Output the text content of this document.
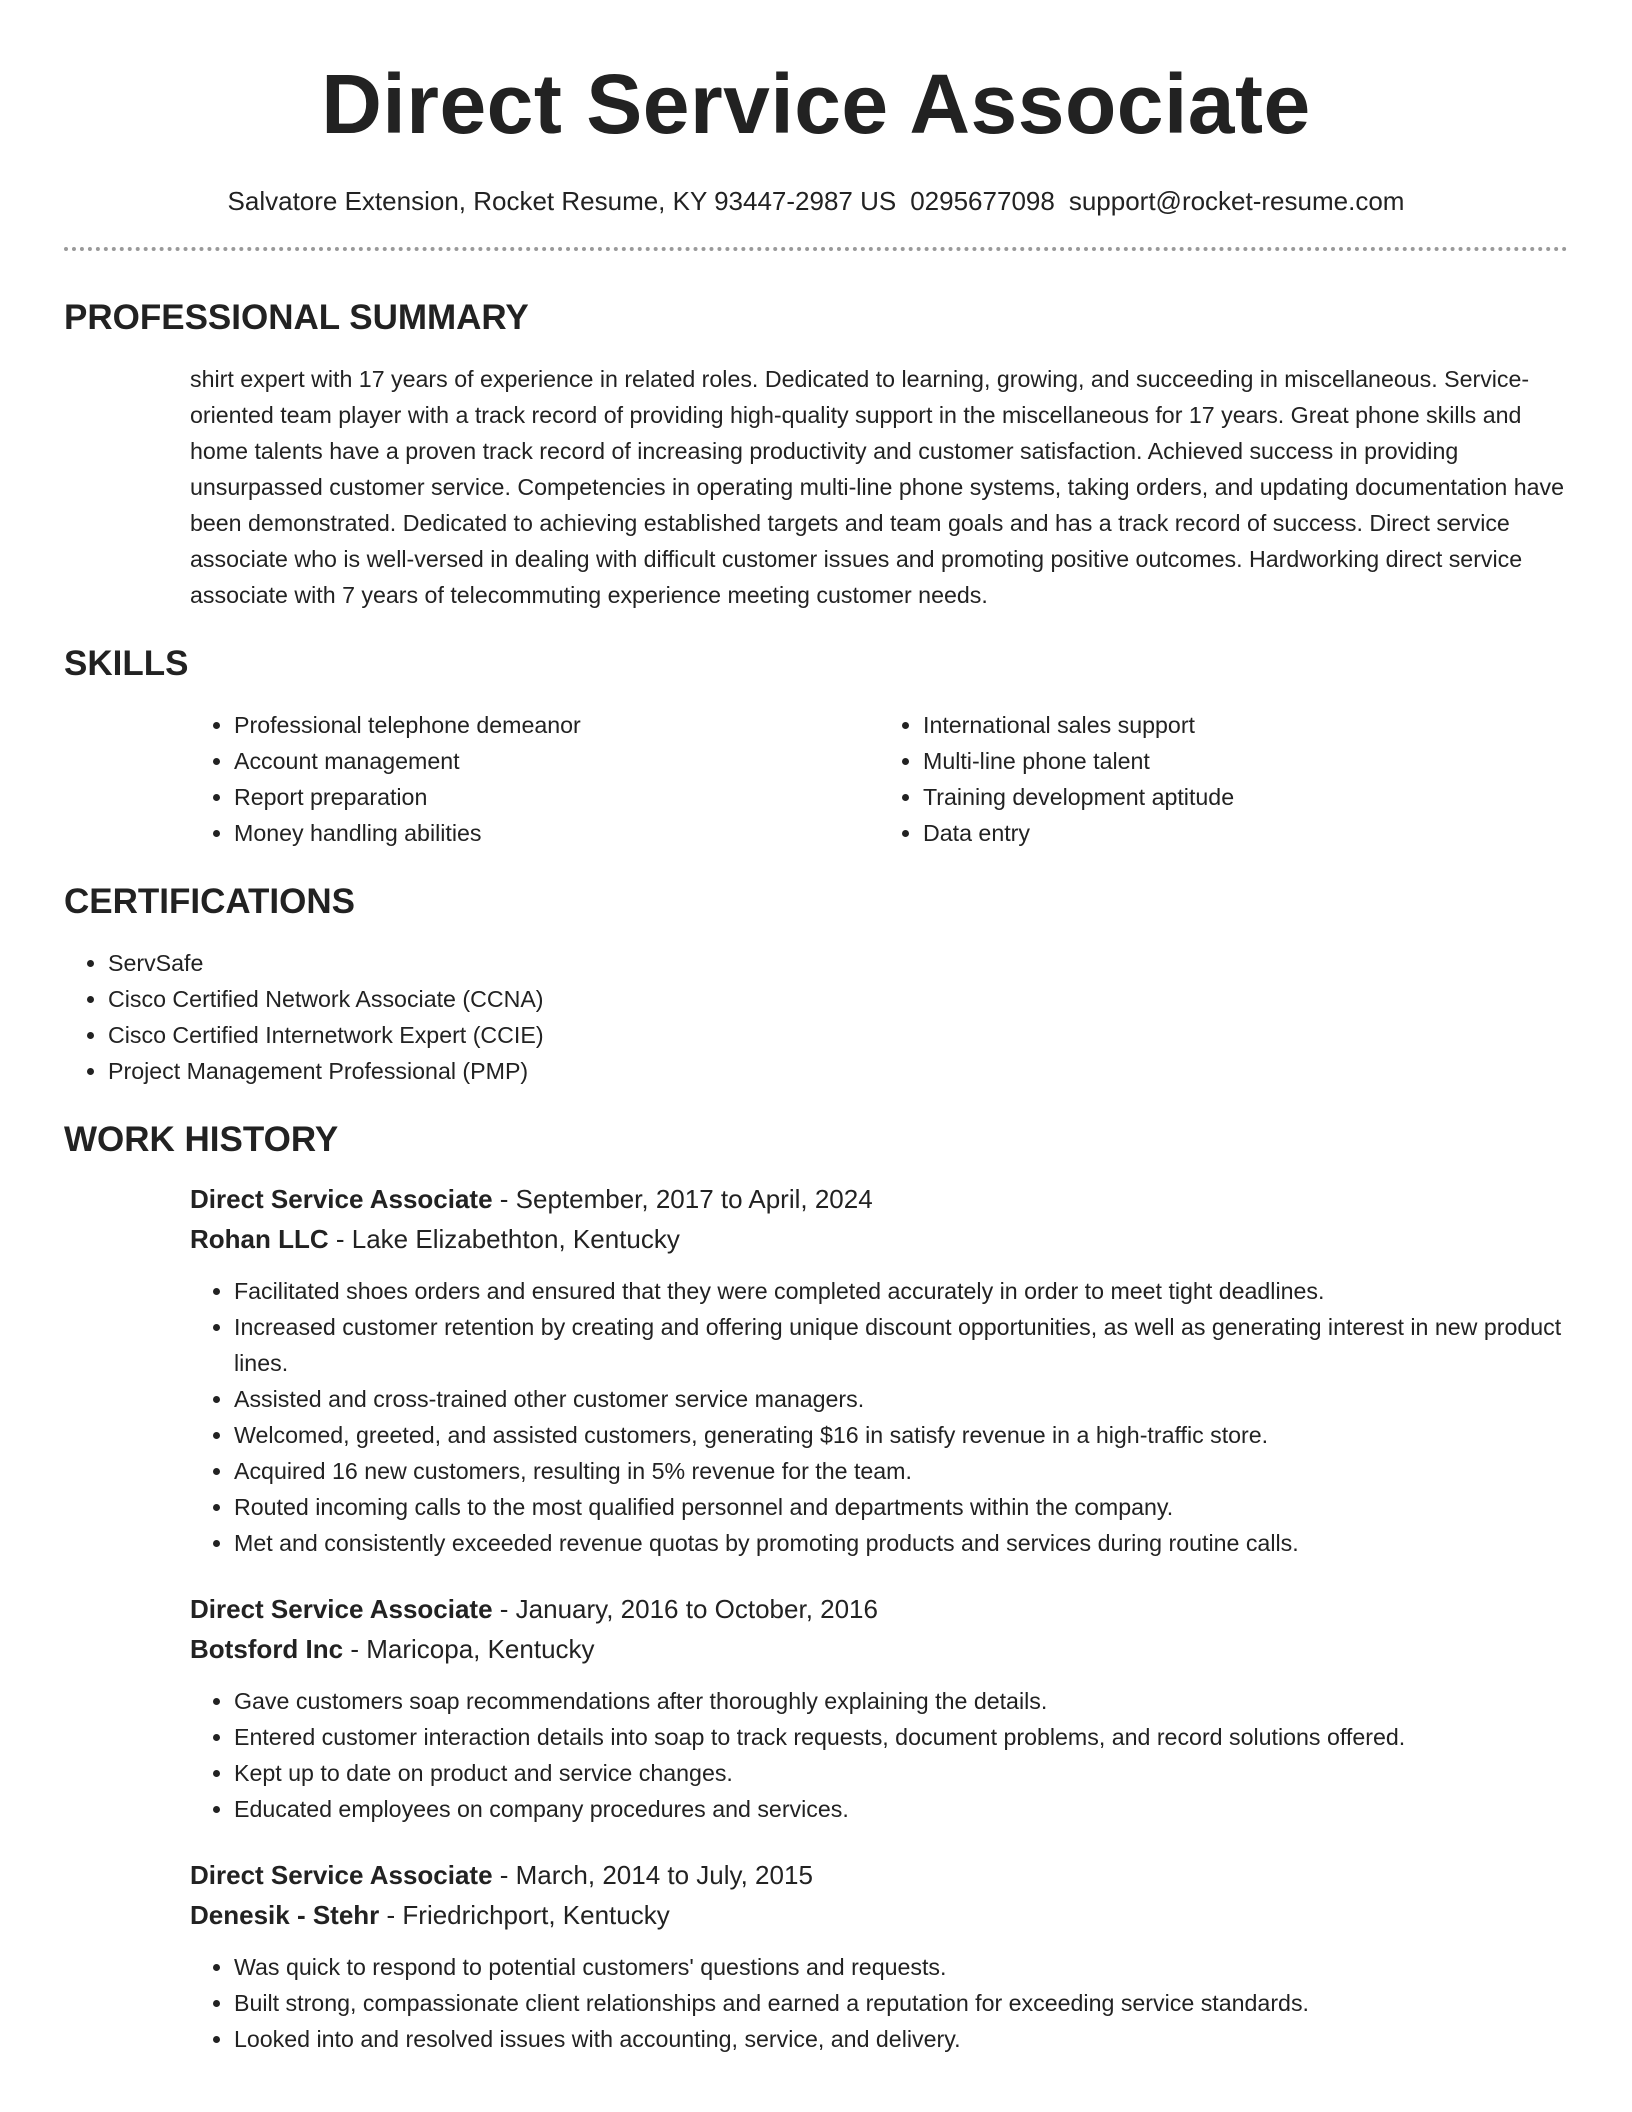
Direct Service Associate
Salvatore Extension, Rocket Resume, KY 93447-2987 US 0295677098 support@rocket-resume.com
PROFESSIONAL SUMMARY
shirt expert with 17 years of experience in related roles. Dedicated to learning, growing, and succeeding in miscellaneous. Service-oriented team player with a track record of providing high-quality support in the miscellaneous for 17 years. Great phone skills and home talents have a proven track record of increasing productivity and customer satisfaction. Achieved success in providing unsurpassed customer service. Competencies in operating multi-line phone systems, taking orders, and updating documentation have been demonstrated. Dedicated to achieving established targets and team goals and has a track record of success. Direct service associate who is well-versed in dealing with difficult customer issues and promoting positive outcomes. Hardworking direct service associate with 7 years of telecommuting experience meeting customer needs.
SKILLS
• Professional telephone demeanor
• Account management
• Report preparation
• Money handling abilities
• International sales support
• Multi-line phone talent
• Training development aptitude
• Data entry
CERTIFICATIONS
• ServSafe
• Cisco Certified Network Associate (CCNA)
• Cisco Certified Internetwork Expert (CCIE)
• Project Management Professional (PMP)
WORK HISTORY
Direct Service Associate - September, 2017 to April, 2024
Rohan LLC - Lake Elizabethton, Kentucky
• Facilitated shoes orders and ensured that they were completed accurately in order to meet tight deadlines.
• Increased customer retention by creating and offering unique discount opportunities, as well as generating interest in new product lines.
• Assisted and cross-trained other customer service managers.
• Welcomed, greeted, and assisted customers, generating $16 in satisfy revenue in a high-traffic store.
• Acquired 16 new customers, resulting in 5% revenue for the team.
• Routed incoming calls to the most qualified personnel and departments within the company.
• Met and consistently exceeded revenue quotas by promoting products and services during routine calls.
Direct Service Associate - January, 2016 to October, 2016
Botsford Inc - Maricopa, Kentucky
• Gave customers soap recommendations after thoroughly explaining the details.
• Entered customer interaction details into soap to track requests, document problems, and record solutions offered.
• Kept up to date on product and service changes.
• Educated employees on company procedures and services.
Direct Service Associate - March, 2014 to July, 2015
Denesik - Stehr - Friedrichport, Kentucky
• Was quick to respond to potential customers' questions and requests.
• Built strong, compassionate client relationships and earned a reputation for exceeding service standards.
• Looked into and resolved issues with accounting, service, and delivery.
